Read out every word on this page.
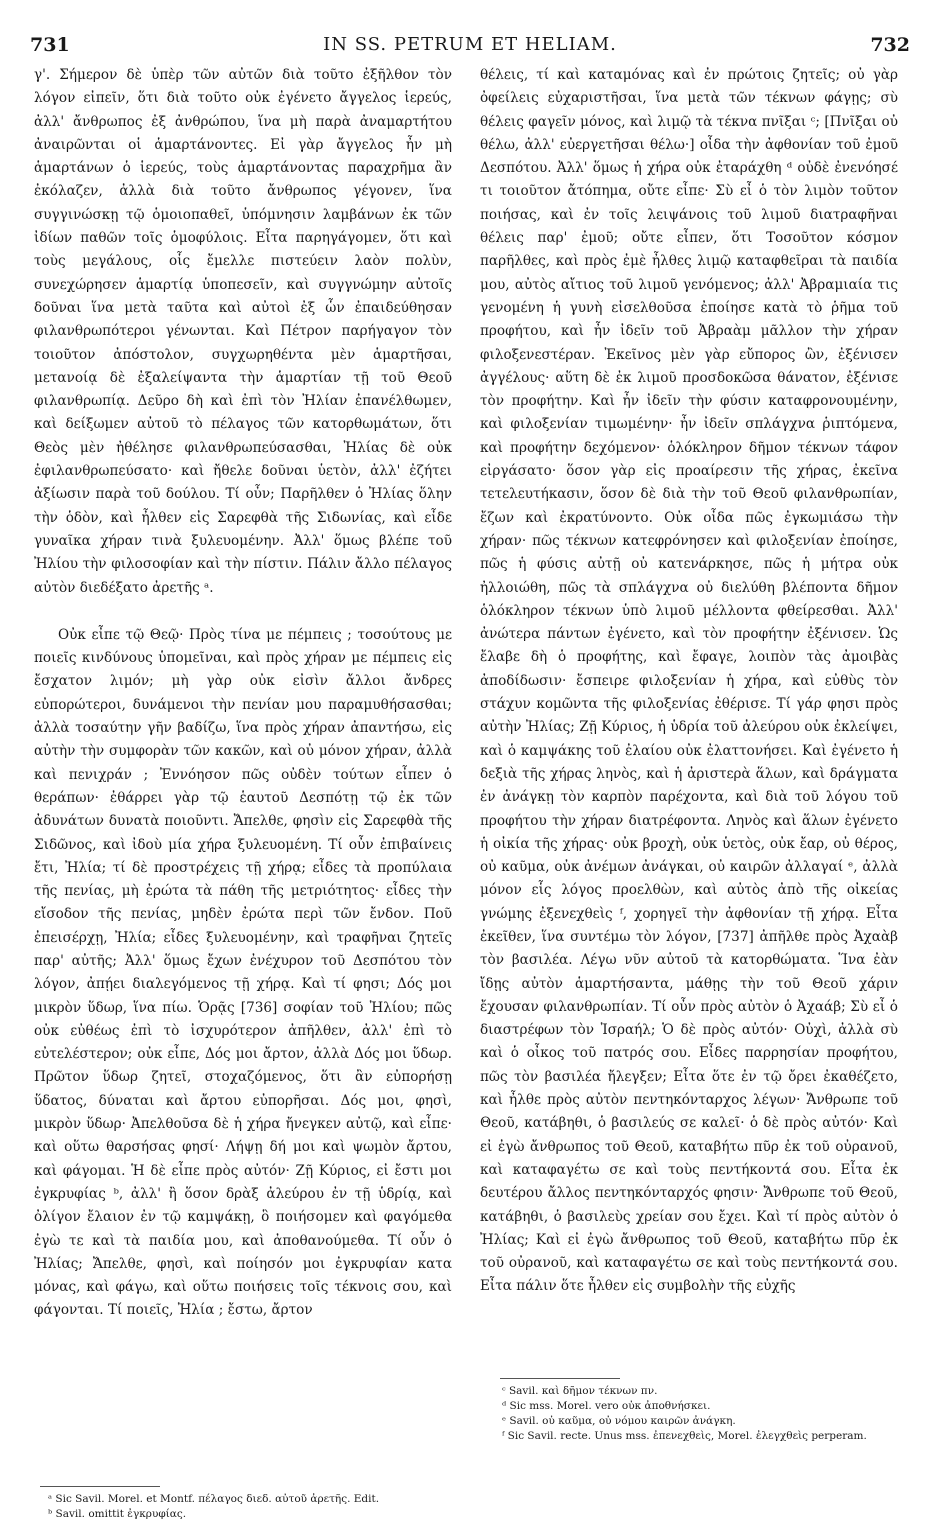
731	IN SS. PETRUM ET HELIAM.	732

γ'. Σήμερον δὲ ὑπὲρ τῶν αὐτῶν διὰ τοῦτο ἐξῆλθον τὸν λόγον εἰπεῖν, ὅτι διὰ τοῦτο οὐκ ἐγένετο ἄγγελος ἱερεύς, ἀλλ' ἄνθρωπος ἐξ ἀνθρώπου, ἵνα μὴ παρὰ ἀναμαρτήτου ἀναιρῶνται οἱ ἁμαρτάνοντες. Εἰ γὰρ ἄγγελος ἦν μὴ ἁμαρτάνων ὁ ἱερεύς, τοὺς ἁμαρτάνοντας παραχρῆμα ἂν ἐκόλαζεν, ἀλλὰ διὰ τοῦτο ἄνθρωπος γέγονεν, ἵνα συγγινώσκῃ τῷ ὁμοιοπαθεῖ, ὑπόμνησιν λαμβάνων ἐκ τῶν ἰδίων παθῶν τοῖς ὁμοφύλοις. Εἶτα παρηγάγομεν, ὅτι καὶ τοὺς μεγάλους, οἷς ἔμελλε πιστεύειν λαὸν πολὺν, συνεχώρησεν ἁμαρτίᾳ ὑποπεσεῖν, καὶ συγγνώμην αὐτοῖς δοῦναι ἵνα μετὰ ταῦτα καὶ αὐτοὶ ἐξ ὧν ἐπαιδεύθησαν φιλανθρωπότεροι γένωνται. Καὶ Πέτρον παρήγαγον τὸν τοιοῦτον ἀπόστολον, συγχωρηθέντα μὲν ἁμαρτῆσαι, μετανοίᾳ δὲ ἐξαλείψαντα τὴν ἁμαρτίαν τῇ τοῦ Θεοῦ φιλανθρωπίᾳ. Δεῦρο δὴ καὶ ἐπὶ τὸν Ἠλίαν ἐπανέλθωμεν, καὶ δείξωμεν αὐτοῦ τὸ πέλαγος τῶν κατορθωμάτων, ὅτι Θεὸς μὲν ἠθέλησε φιλανθρωπεύσασθαι, Ἠλίας δὲ οὐκ ἐφιλανθρωπεύσατο· καὶ ἤθελε δοῦναι ὑετὸν, ἀλλ' ἐζήτει ἀξίωσιν παρὰ τοῦ δούλου. Τί οὖν; Παρῆλθεν ὁ Ἠλίας ὅλην τὴν ὁδὸν, καὶ ἦλθεν εἰς Σαρεφθὰ τῆς Σιδωνίας, καὶ εἶδε γυναῖκα χήραν τινὰ ξυλευομένην. Ἀλλ' ὅμως βλέπε τοῦ Ἠλίου τὴν φιλοσοφίαν καὶ τὴν πίστιν. Πάλιν ἄλλο πέλαγος αὐτὸν διεδέξατο ἀρετῆς ᵃ.

Οὐκ εἶπε τῷ Θεῷ· Πρὸς τίνα με πέμπεις ; τοσούτους με ποιεῖς κινδύνους ὑπομεῖναι, καὶ πρὸς χήραν με πέμπεις εἰς ἔσχατον λιμόν; μὴ γὰρ οὐκ εἰσὶν ἄλλοι ἄνδρες εὐπορώτεροι, δυνάμενοι τὴν πενίαν μου παραμυθήσασθαι; ἀλλὰ τοσαύτην γῆν βαδίζω, ἵνα πρὸς χήραν ἀπαντήσω, εἰς αὐτὴν τὴν συμφορὰν τῶν κακῶν, καὶ οὐ μόνον χήραν, ἀλλὰ καὶ πενιχράν ; Ἐννόησον πῶς οὐδὲν τούτων εἶπεν ὁ θεράπων· ἐθάρρει γὰρ τῷ ἑαυτοῦ Δεσπότῃ τῷ ἐκ τῶν ἀδυνάτων δυνατὰ ποιοῦντι. Ἄπελθε, φησὶν εἰς Σαρεφθὰ τῆς Σιδῶνος, καὶ ἰδοὺ μία χήρα ξυλευομένη. Τί οὖν ἐπιβαίνεις ἔτι, Ἠλία; τί δὲ προστρέχεις τῇ χήρᾳ; εἶδες τὰ προπύλαια τῆς πενίας, μὴ ἐρώτα τὰ πάθη τῆς μετριότητος· εἶδες τὴν εἴσοδον τῆς πενίας, μηδὲν ἐρώτα περὶ τῶν ἔνδον. Ποῦ ἐπεισέρχῃ, Ἠλία; εἶδες ξυλευομένην, καὶ τραφῆναι ζητεῖς παρ' αὐτῆς; Ἀλλ' ὅμως ἔχων ἐνέχυρον τοῦ Δεσπότου τὸν λόγον, ἀπῄει διαλεγόμενος τῇ χήρᾳ. Καὶ τί φησι; Δός μοι μικρὸν ὕδωρ, ἵνα πίω. Ὁρᾷς [736] σοφίαν τοῦ Ἠλίου; πῶς οὐκ εὐθέως ἐπὶ τὸ ἰσχυρότερον ἀπῆλθεν, ἀλλ' ἐπὶ τὸ εὐτελέστερον; οὐκ εἶπε, Δός μοι ἄρτον, ἀλλὰ Δός μοι ὕδωρ. Πρῶτον ὕδωρ ζητεῖ, στοχαζόμενος, ὅτι ἂν εὐπορήσῃ ὕδατος, δύναται καὶ ἄρτου εὐπορῆσαι. Δός μοι, φησὶ, μικρὸν ὕδωρ· Ἀπελθοῦσα δὲ ἡ χήρα ἤνεγκεν αὐτῷ, καὶ εἶπε· καὶ οὕτω θαρσήσας φησί· Λήψῃ δή μοι καὶ ψωμὸν ἄρτου, καὶ φάγομαι. Ἡ δὲ εἶπε πρὸς αὐτόν· Ζῇ Κύριος, εἰ ἔστι μοι ἐγκρυφίας ᵇ, ἀλλ' ἢ ὅσον δρὰξ ἀλεύρου ἐν τῇ ὑδρίᾳ, καὶ ὀλίγον ἔλαιον ἐν τῷ καμψάκῃ, ὃ ποιήσομεν καὶ φαγόμεθα ἐγὼ τε καὶ τὰ παιδία μου, καὶ ἀποθανούμεθα. Τί οὖν ὁ Ἠλίας; Ἄπελθε, φησὶ, καὶ ποίησόν μοι ἐγκρυφίαν κατα μόνας, καὶ φάγω, καὶ οὕτω ποιήσεις τοῖς τέκνοις σου, καὶ φάγονται. Τί ποιεῖς, Ἠλία ; ἔστω, ἄρτον

θέλεις, τί καὶ καταμόνας καὶ ἐν πρώτοις ζητεῖς; οὐ γὰρ ὀφείλεις εὐχαριστῆσαι, ἵνα μετὰ τῶν τέκνων φάγῃς; σὺ θέλεις φαγεῖν μόνος, καὶ λιμῷ τὰ τέκνα πνῖξαι ᶜ; [Πνῖξαι οὐ θέλω, ἀλλ' εὐεργετῆσαι θέλω·] οἶδα τὴν ἀφθονίαν τοῦ ἐμοῦ Δεσπότου. Ἀλλ' ὅμως ἡ χήρα οὐκ ἐταράχθη ᵈ οὐδὲ ἐνενόησέ τι τοιοῦτον ἄτόπημα, οὔτε εἶπε· Σὺ εἶ ὁ τὸν λιμὸν τοῦτον ποιήσας, καὶ ἐν τοῖς λειψάνοις τοῦ λιμοῦ διατραφῆναι θέλεις παρ' ἐμοῦ; οὔτε εἶπεν, ὅτι Τοσοῦτον κόσμον παρῆλθες, καὶ πρὸς ἐμὲ ἦλθες λιμῷ καταφθεῖραι τὰ παιδία μου, αὐτὸς αἴτιος τοῦ λιμοῦ γενόμενος; ἀλλ' Ἀβραμιαία τις γενομένη ἡ γυνὴ εἰσελθοῦσα ἐποίησε κατὰ τὸ ῥῆμα τοῦ προφήτου, καὶ ἦν ἰδεῖν τοῦ Ἀβραὰμ μᾶλλον τὴν χήραν φιλοξενεστέραν. Ἐκεῖνος μὲν γὰρ εὔπορος ὢν, ἐξένισεν ἀγγέλους· αὕτη δὲ ἐκ λιμοῦ προσδοκῶσα θάνατον, ἐξένισε τὸν προφήτην. Καὶ ἦν ἰδεῖν τὴν φύσιν καταφρονουμένην, καὶ φιλοξενίαν τιμωμένην· ἦν ἰδεῖν σπλάγχνα ῥιπτόμενα, καὶ προφήτην δεχόμενον· ὁλόκληρον δῆμον τέκνων τάφον εἰργάσατο· ὅσον γὰρ εἰς προαίρεσιν τῆς χήρας, ἐκεῖνα τετελευτήκασιν, ὅσον δὲ διὰ τὴν τοῦ Θεοῦ φιλανθρωπίαν, ἔζων καὶ ἐκρατύνοντο. Οὐκ οἶδα πῶς ἐγκωμιάσω τὴν χήραν· πῶς τέκνων κατεφρόνησεν καὶ φιλοξενίαν ἐποίησε, πῶς ἡ φύσις αὐτῇ οὐ κατενάρκησε, πῶς ἡ μήτρα οὐκ ἠλλοιώθη, πῶς τὰ σπλάγχνα οὐ διελύθη βλέποντα δῆμον ὁλόκληρον τέκνων ὑπὸ λιμοῦ μέλλοντα φθείρεσθαι. Ἀλλ' ἀνώτερα πάντων ἐγένετο, καὶ τὸν προφήτην ἐξένισεν. Ὡς ἔλαβε δὴ ὁ προφήτης, καὶ ἔφαγε, λοιπὸν τὰς ἀμοιβὰς ἀποδίδωσιν· ἔσπειρε φιλοξενίαν ἡ χήρα, καὶ εὐθὺς τὸν στάχυν κομῶντα τῆς φιλοξενίας ἐθέρισε. Τί γάρ φησι πρὸς αὐτὴν Ἠλίας; Ζῇ Κύριος, ἡ ὑδρία τοῦ ἀλεύρου οὐκ ἐκλείψει, καὶ ὁ καμψάκης τοῦ ἐλαίου οὐκ ἐλαττονήσει. Καὶ ἐγένετο ἡ δεξιὰ τῆς χήρας ληνὸς, καὶ ἡ ἀριστερὰ ἅλων, καὶ δράγματα ἐν ἀνάγκῃ τὸν καρπὸν παρέχοντα, καὶ διὰ τοῦ λόγου τοῦ προφήτου τὴν χήραν διατρέφοντα. Ληνὸς καὶ ἅλων ἐγένετο ἡ οἰκία τῆς χήρας· οὐκ βροχὴ, οὐκ ὑετὸς, οὐκ ἔαρ, οὐ θέρος, οὐ καῦμα, οὐκ ἀνέμων ἀνάγκαι, οὐ καιρῶν ἀλλαγαί ᵉ, ἀλλὰ μόνον εἷς λόγος προελθὼν, καὶ αὐτὸς ἀπὸ τῆς οἰκείας γνώμης ἐξενεχθεὶς ᶠ, χορηγεῖ τὴν ἀφθονίαν τῇ χήρᾳ. Εἶτα ἐκεῖθεν, ἵνα συντέμω τὸν λόγον, [737] ἀπῆλθε πρὸς Ἀχαὰβ τὸν βασιλέα. Λέγω νῦν αὐτοῦ τὰ κατορθώματα. Ἵνα ἐὰν ἴδῃς αὐτὸν ἁμαρτήσαντα, μάθῃς τὴν τοῦ Θεοῦ χάριν ἔχουσαν φιλανθρωπίαν. Τί οὖν πρὸς αὐτὸν ὁ Ἀχαάβ; Σὺ εἶ ὁ διαστρέφων τὸν Ἰσραήλ; Ὁ δὲ πρὸς αὐτόν· Οὐχὶ, ἀλλὰ σὺ καὶ ὁ οἶκος τοῦ πατρός σου. Εἶδες παρρησίαν προφήτου, πῶς τὸν βασιλέα ἤλεγξεν; Εἶτα ὅτε ἐν τῷ ὄρει ἐκαθέζετο, καὶ ἦλθε πρὸς αὐτὸν πεντηκόνταρχος λέγων· Ἄνθρωπε τοῦ Θεοῦ, κατάβηθι, ὁ βασιλεύς σε καλεῖ· ὁ δὲ πρὸς αὐτόν· Καὶ εἰ ἐγὼ ἄνθρωπος τοῦ Θεοῦ, καταβήτω πῦρ ἐκ τοῦ οὐρανοῦ, καὶ καταφαγέτω σε καὶ τοὺς πεντήκοντά σου. Εἶτα ἐκ δευτέρου ἄλλος πεντηκόνταρχός φησιν· Ἄνθρωπε τοῦ Θεοῦ, κατάβηθι, ὁ βασιλεὺς χρείαν σου ἔχει. Καὶ τί πρὸς αὐτὸν ὁ Ἠλίας; Καὶ εἰ ἐγὼ ἄνθρωπος τοῦ Θεοῦ, καταβήτω πῦρ ἐκ τοῦ οὐρανοῦ, καὶ καταφαγέτω σε καὶ τοὺς πεντήκοντά σου. Εἶτα πάλιν ὅτε ἦλθεν εἰς συμβολὴν τῆς εὐχῆς

ᵃ Sic Savil. Morel. et Montf. πέλαγος διεδ. αὐτοῦ ἀρετῆς. Edit.
ᵇ Savil. omittit ἐγκρυφίας.
ᶜ Savil. καὶ δῆμον τέκνων πν.
ᵈ Sic mss. Morel. vero οὐκ ἀποθνήσκει.
ᵉ Savil. οὐ καῦμα, οὐ νόμου καιρῶν ἀνάγκη.
ᶠ Sic Savil. recte. Unus mss. ἐπενεχθεὶς, Morel. ἐλεγχθεὶς perperam.
